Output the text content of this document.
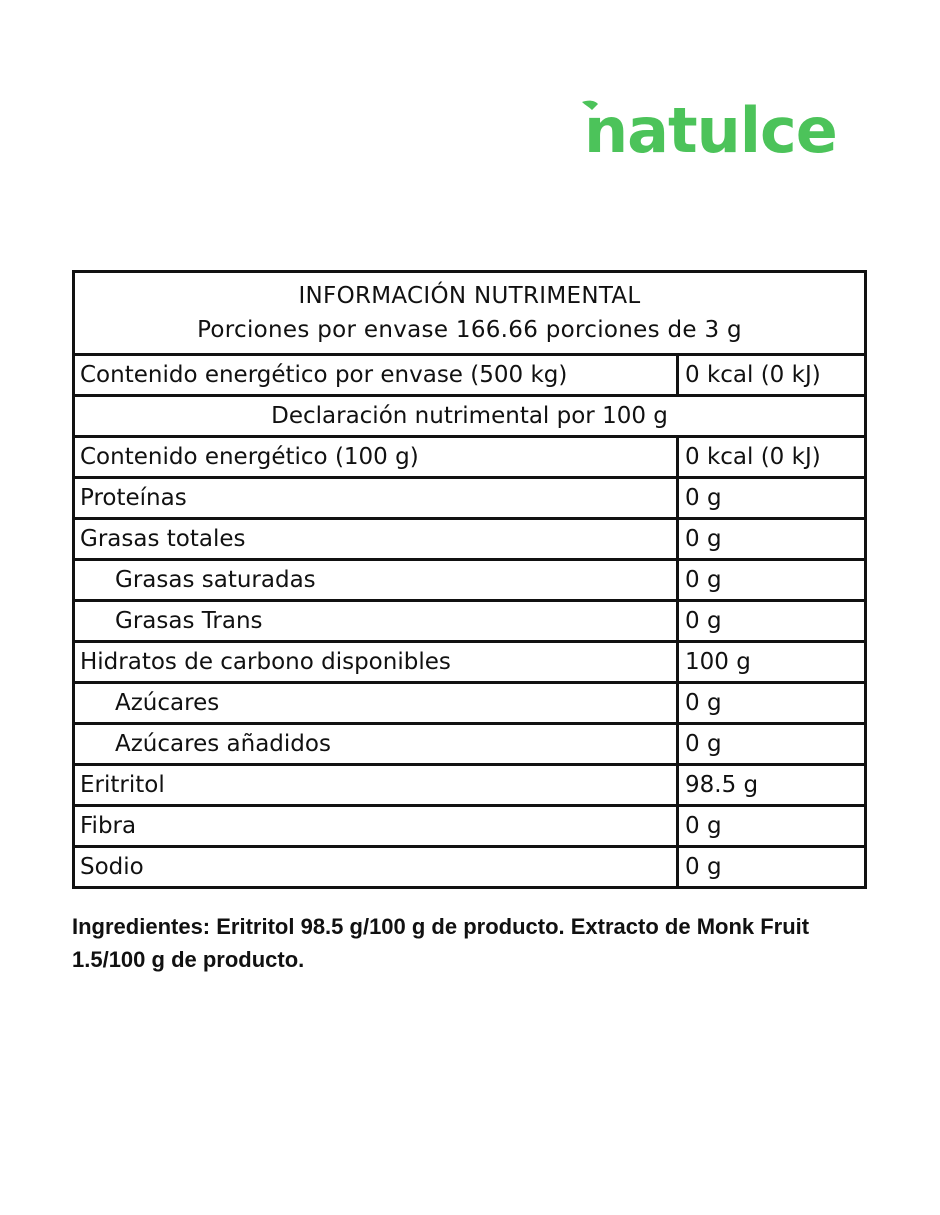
natulce
INFORMACIÓN NUTRIMENTAL
Porciones por envase 166.66 porciones de 3 g
Contenido energético por envase (500 kg)	0 kcal (0 kJ)
Declaración nutrimental por 100 g
Contenido energético (100 g)	0 kcal (0 kJ)
Proteínas	0 g
Grasas totales	0 g
Grasas saturadas	0 g
Grasas Trans	0 g
Hidratos de carbono disponibles	100 g
Azúcares	0 g
Azúcares añadidos	0 g
Eritritol	98.5 g
Fibra	0 g
Sodio	0 g
Ingredientes: Eritritol 98.5 g/100 g de producto. Extracto de Monk Fruit 1.5/100 g de producto.
